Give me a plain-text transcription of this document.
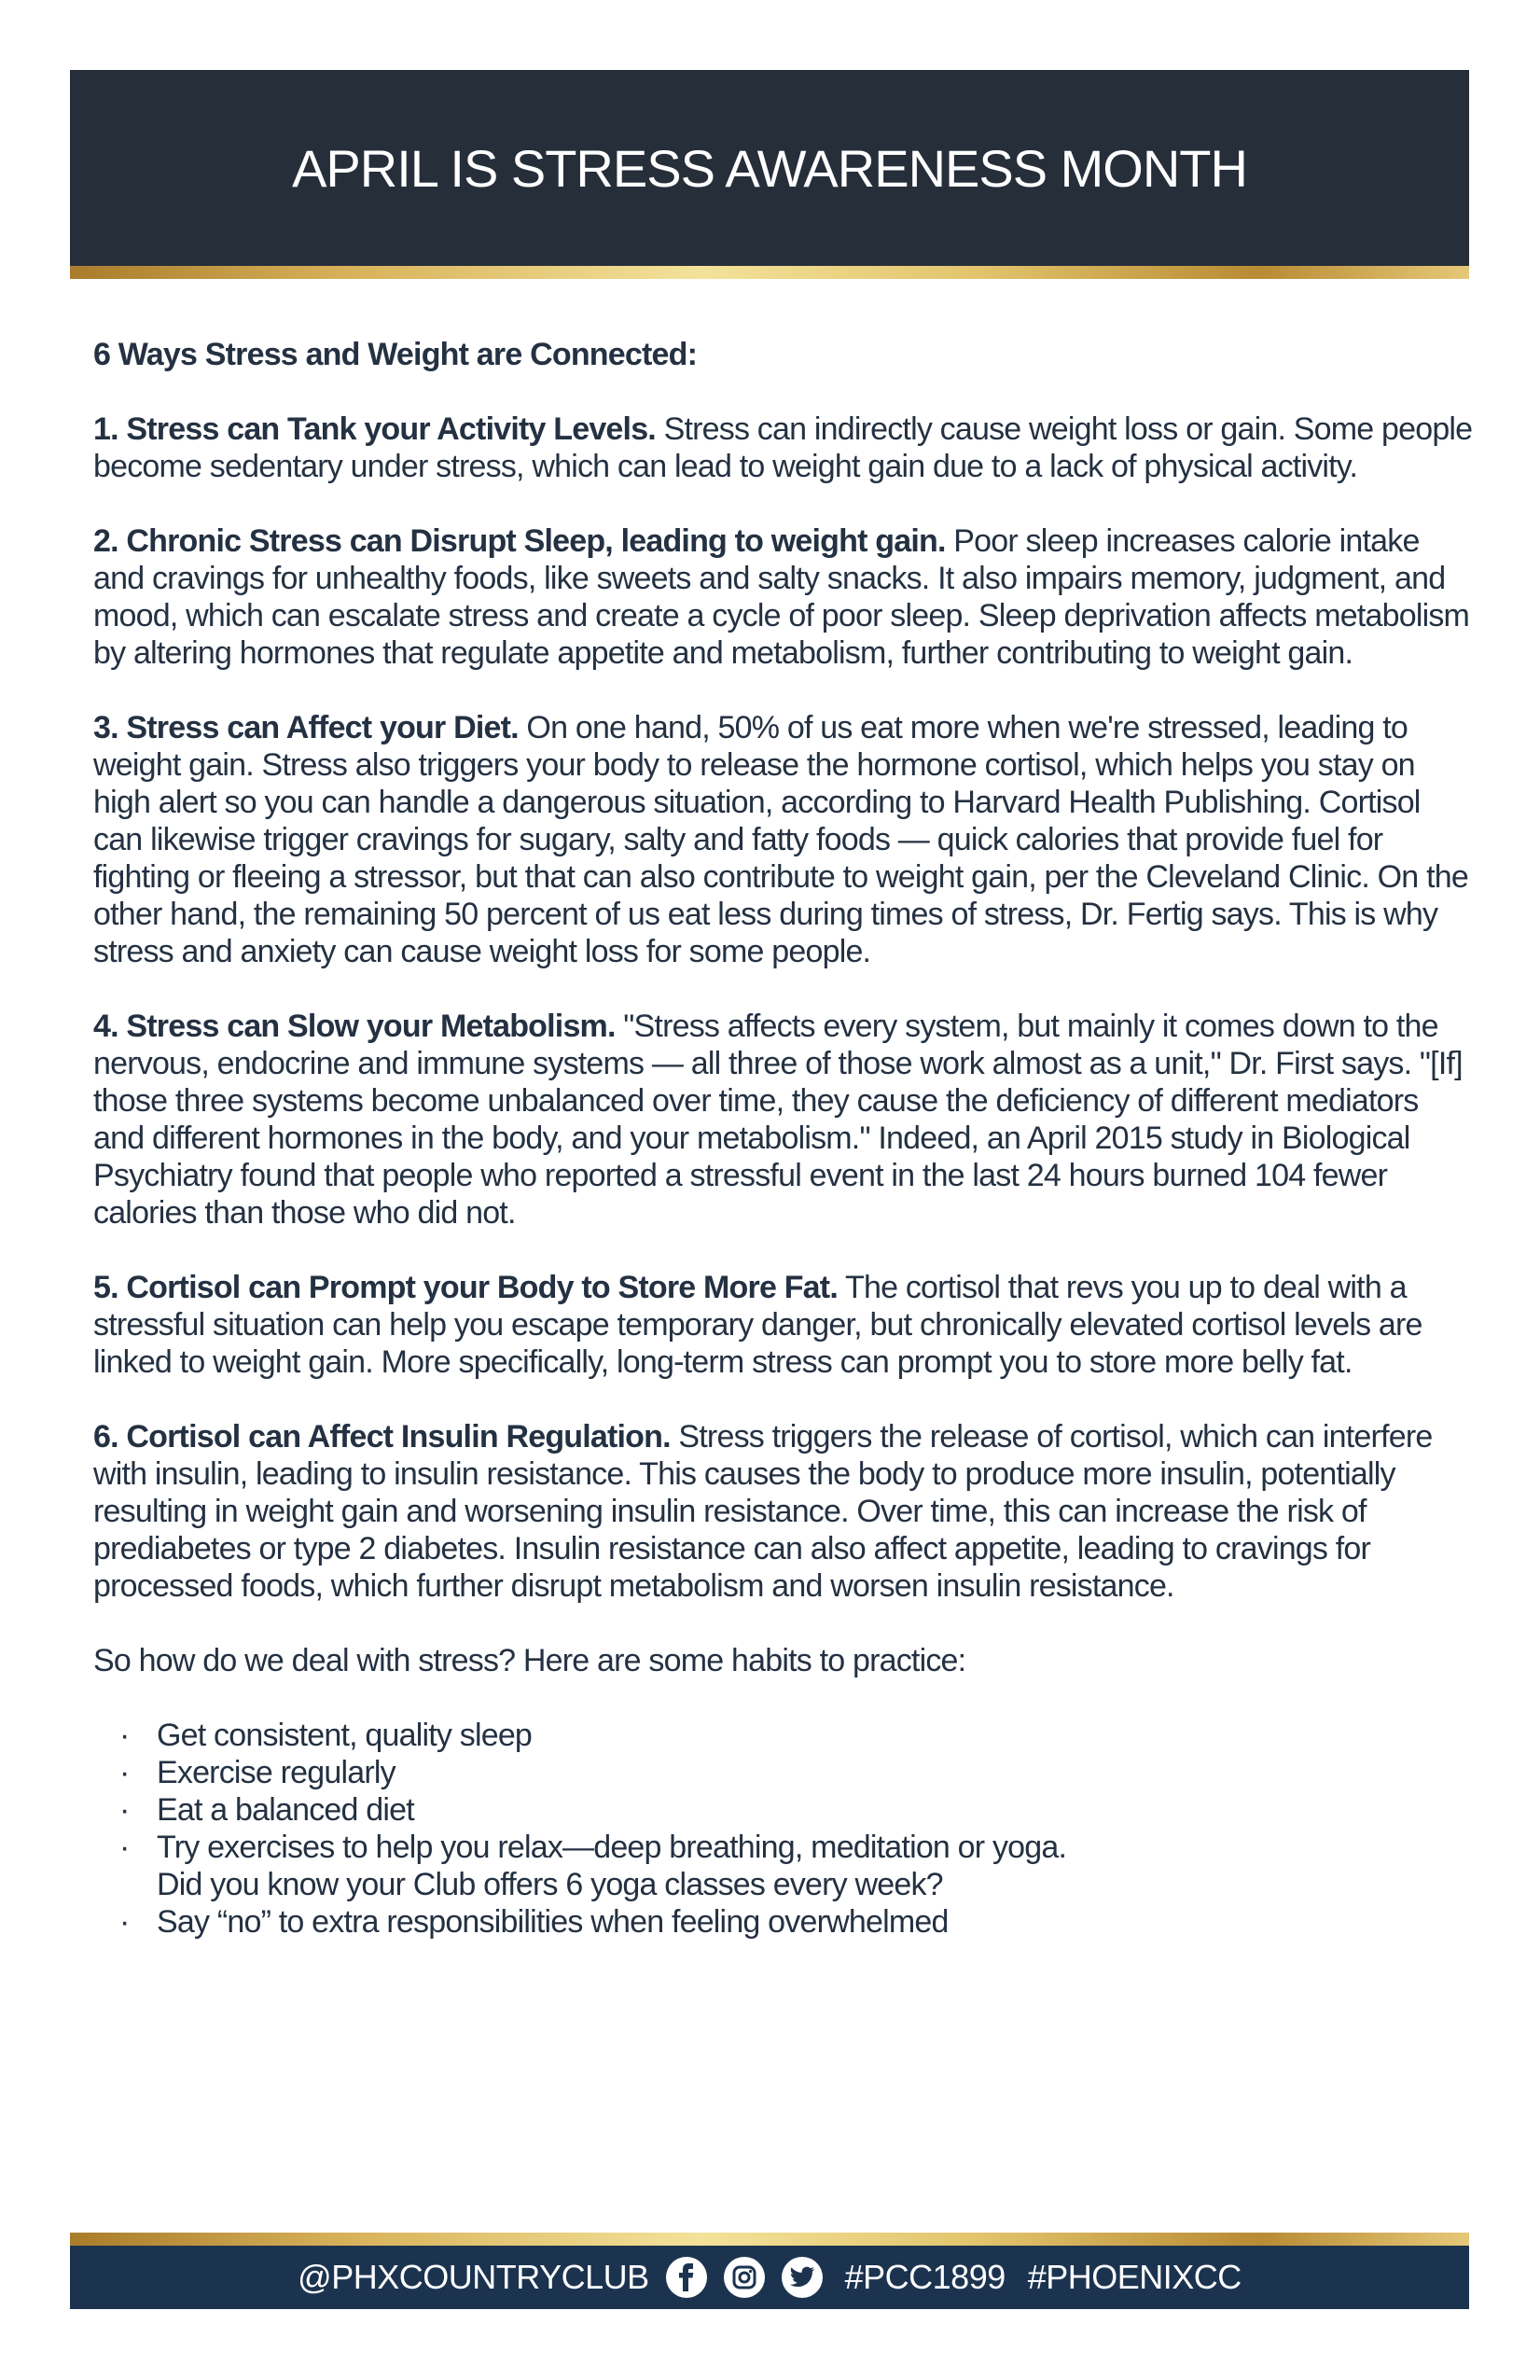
APRIL IS STRESS AWARENESS MONTH

6 Ways Stress and Weight are Connected:

1. Stress can Tank your Activity Levels. Stress can indirectly cause weight loss or gain. Some people become sedentary under stress, which can lead to weight gain due to a lack of physical activity.

2. Chronic Stress can Disrupt Sleep, leading to weight gain. Poor sleep increases calorie intake and cravings for unhealthy foods, like sweets and salty snacks. It also impairs memory, judgment, and mood, which can escalate stress and create a cycle of poor sleep. Sleep deprivation affects metabolism by altering hormones that regulate appetite and metabolism, further contributing to weight gain.

3. Stress can Affect your Diet. On one hand, 50% of us eat more when we're stressed, leading to weight gain. Stress also triggers your body to release the hormone cortisol, which helps you stay on high alert so you can handle a dangerous situation, according to Harvard Health Publishing. Cortisol can likewise trigger cravings for sugary, salty and fatty foods — quick calories that provide fuel for fighting or fleeing a stressor, but that can also contribute to weight gain, per the Cleveland Clinic. On the other hand, the remaining 50 percent of us eat less during times of stress, Dr. Fertig says. This is why stress and anxiety can cause weight loss for some people.

4. Stress can Slow your Metabolism. "Stress affects every system, but mainly it comes down to the nervous, endocrine and immune systems — all three of those work almost as a unit," Dr. First says. "[If] those three systems become unbalanced over time, they cause the deficiency of different mediators and different hormones in the body, and your metabolism." Indeed, an April 2015 study in Biological Psychiatry found that people who reported a stressful event in the last 24 hours burned 104 fewer calories than those who did not.

5. Cortisol can Prompt your Body to Store More Fat. The cortisol that revs you up to deal with a stressful situation can help you escape temporary danger, but chronically elevated cortisol levels are linked to weight gain. More specifically, long-term stress can prompt you to store more belly fat.

6. Cortisol can Affect Insulin Regulation. Stress triggers the release of cortisol, which can interfere with insulin, leading to insulin resistance. This causes the body to produce more insulin, potentially resulting in weight gain and worsening insulin resistance. Over time, this can increase the risk of prediabetes or type 2 diabetes. Insulin resistance can also affect appetite, leading to cravings for processed foods, which further disrupt metabolism and worsen insulin resistance.

So how do we deal with stress? Here are some habits to practice:

· Get consistent, quality sleep
· Exercise regularly
· Eat a balanced diet
· Try exercises to help you relax—deep breathing, meditation or yoga.
Did you know your Club offers 6 yoga classes every week?
· Say “no” to extra responsibilities when feeling overwhelmed
@PHXCOUNTRYCLUB	#PCC1899 #PHOENIXCC
